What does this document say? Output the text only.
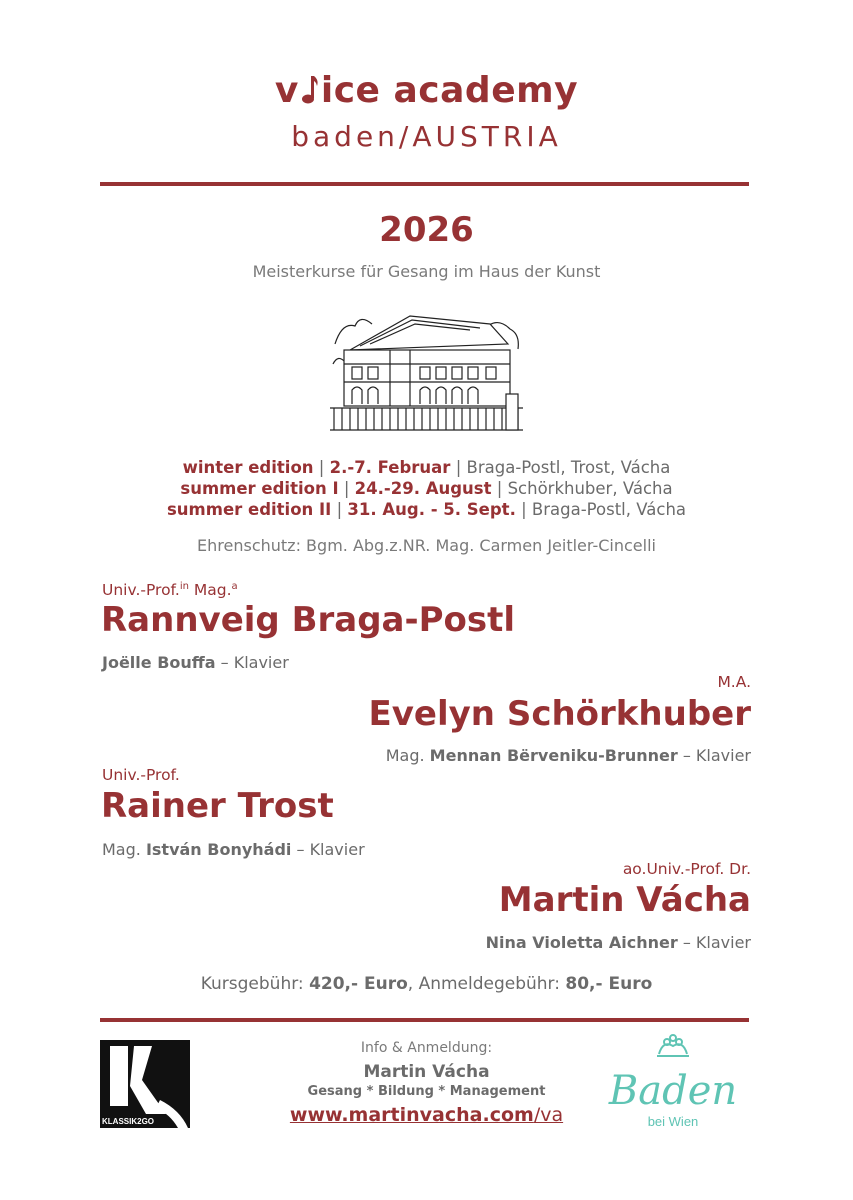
v ice academy
baden/AUSTRIA
2026
Meisterkurse für Gesang im Haus der Kunst
winter edition | 2.-7. Februar | Braga-Postl, Trost, Vácha
summer edition I | 24.-29. August | Schörkhuber, Vácha
summer edition II | 31. Aug. - 5. Sept. | Braga-Postl, Vácha
Ehrenschutz: Bgm. Abg.z.NR. Mag. Carmen Jeitler-Cincelli
Univ.-Prof.$^{in}$ Mag.$^a$
Rannveig Braga-Postl
Joëlle Bouffa – Klavier
M.A.
Evelyn Schörkhuber
Mag. Mennan Bërveniku-Brunner – Klavier
Univ.-Prof.
Rainer Trost
Mag. István Bonyhádi – Klavier
ao.Univ.-Prof. Dr.
Martin Vácha
Nina Violetta Aichner – Klavier
Kursgebühr: 420,- Euro, Anmeldegebühr: 80,- Euro
KLASSIK2GO
Info & Anmeldung:
Martin Vácha
Gesang * Bildung * Management
www.martinvacha.com/va
Baden
bei Wien
